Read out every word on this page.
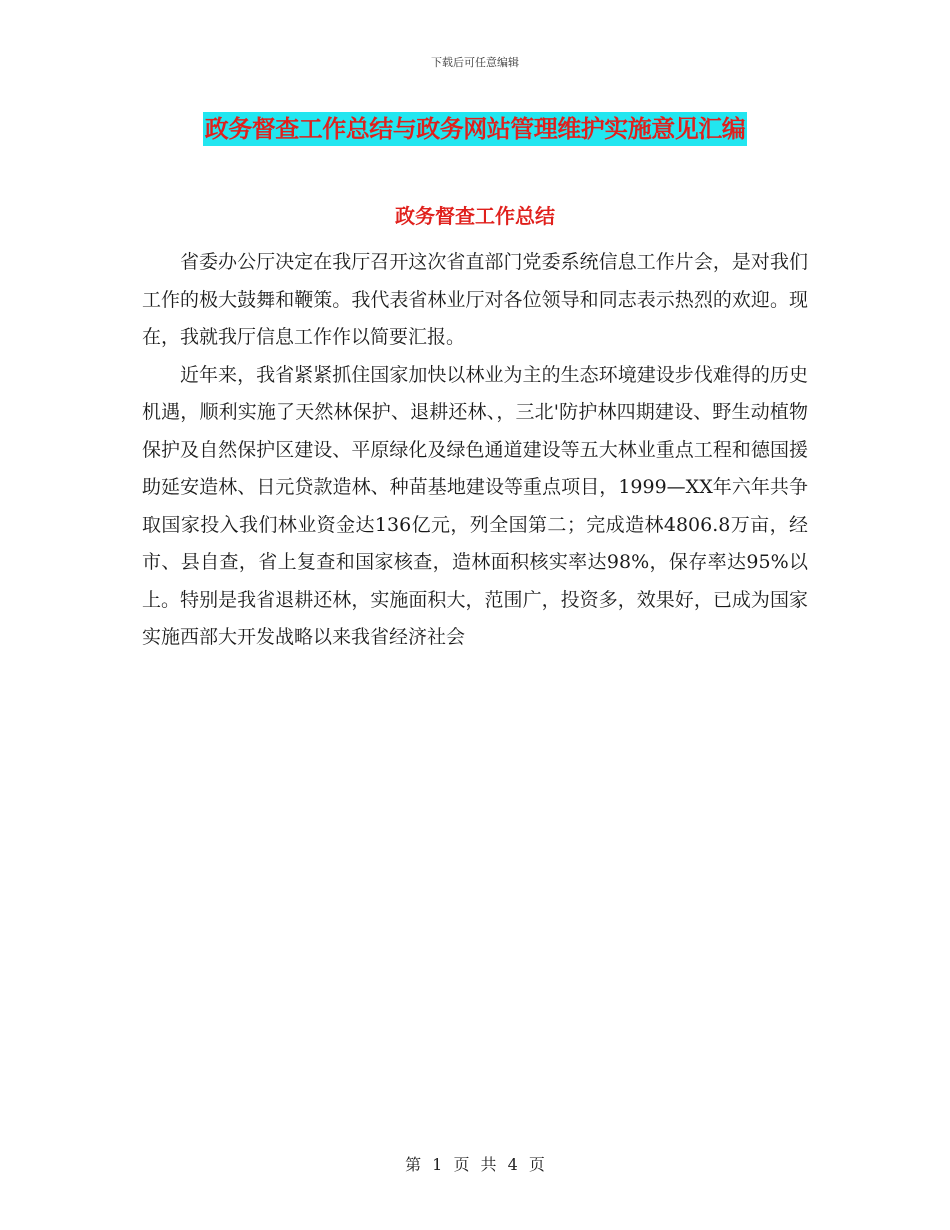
下载后可任意编辑
政务督查工作总结与政务网站管理维护实施意见汇编
政务督查工作总结

省委办公厅决定在我厅召开这次省直部门党委系统信息工作片会，是对我们工作的极大鼓舞和鞭策。我代表省林业厅对各位领导和同志表示热烈的欢迎。现在，我就我厅信息工作作以简要汇报。

近年来，我省紧紧抓住国家加快以林业为主的生态环境建设步伐难得的历史机遇，顺利实施了天然林保护、退耕还林、，三北'防护林四期建设、野生动植物保护及自然保护区建设、平原绿化及绿色通道建设等五大林业重点工程和德国援助延安造林、日元贷款造林、种苗基地建设等重点项目，1999—XX年六年共争取国家投入我们林业资金达136亿元，列全国第二；完成造林4806.8万亩，经市、县自查，省上复查和国家核查，造林面积核实率达98%，保存率达95%以上。特别是我省退耕还林，实施面积大，范围广，投资多，效果好，已成为国家实施西部大开发战略以来我省经济社会

第 1 页 共 4 页
